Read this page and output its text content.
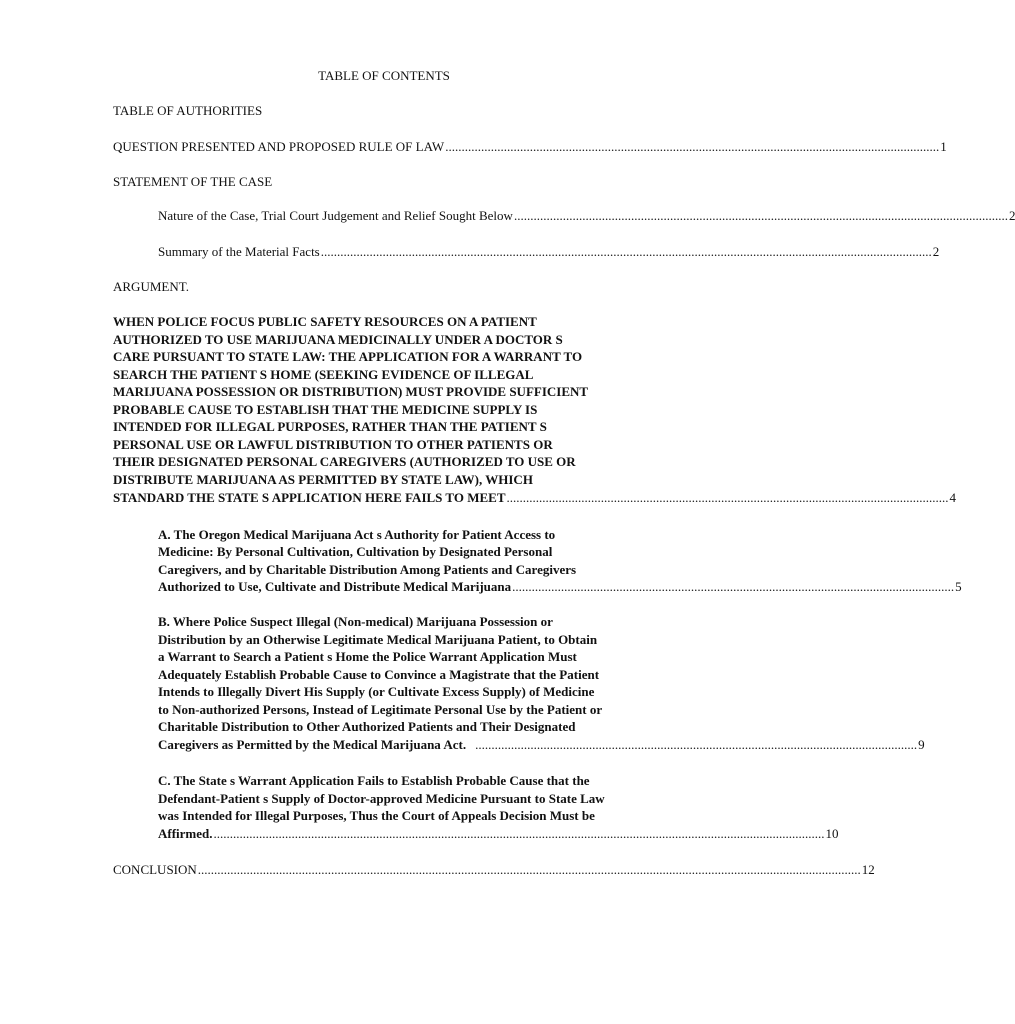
TABLE OF CONTENTS
TABLE OF AUTHORITIES
QUESTION PRESENTED AND PROPOSED RULE OF LAW ........................................................................................................................................................ 1
STATEMENT OF THE CASE
Nature of the Case, Trial Court Judgement and Relief Sought Below ........................................................................................................................................................ 2
Summary of the Material Facts ............................................................................................................................................................................................ 2
ARGUMENT.
WHEN POLICE FOCUS PUBLIC SAFETY RESOURCES ON A PATIENT
AUTHORIZED TO USE MARIJUANA MEDICINALLY UNDER A DOCTOR S
CARE PURSUANT TO STATE LAW: THE APPLICATION FOR A WARRANT TO
SEARCH THE PATIENT S HOME (SEEKING EVIDENCE OF ILLEGAL
MARIJUANA POSSESSION OR DISTRIBUTION) MUST PROVIDE SUFFICIENT
PROBABLE CAUSE TO ESTABLISH THAT THE MEDICINE SUPPLY IS
INTENDED FOR ILLEGAL PURPOSES, RATHER THAN THE PATIENT S
PERSONAL USE OR LAWFUL DISTRIBUTION TO OTHER PATIENTS OR
THEIR DESIGNATED PERSONAL CAREGIVERS (AUTHORIZED TO USE OR
DISTRIBUTE MARIJUANA AS PERMITTED BY STATE LAW), WHICH
STANDARD THE STATE S APPLICATION HERE FAILS TO MEET ........................................................................................................................................ 4
A. The Oregon Medical Marijuana Act s Authority for Patient Access to
Medicine: By Personal Cultivation, Cultivation by Designated Personal
Caregivers, and by Charitable Distribution Among Patients and Caregivers
Authorized to Use, Cultivate and Distribute Medical Marijuana ........................................................................................................................................ 5
B. Where Police Suspect Illegal (Non-medical) Marijuana Possession or
Distribution by an Otherwise Legitimate Medical Marijuana Patient, to Obtain
a Warrant to Search a Patient s Home the Police Warrant Application Must
Adequately Establish Probable Cause to Convince a Magistrate that the Patient
Intends to Illegally Divert His Supply (or Cultivate Excess Supply) of Medicine
to Non-authorized Persons, Instead of Legitimate Personal Use by the Patient or
Charitable Distribution to Other Authorized Patients and Their Designated
Caregivers as Permitted by the Medical Marijuana Act. ........................................................................................................................................ 9
C. The State s Warrant Application Fails to Establish Probable Cause that the
Defendant-Patient s Supply of Doctor-approved Medicine Pursuant to State Law
was Intended for Illegal Purposes, Thus the Court of Appeals Decision Must be
Affirmed. ............................................................................................................................................................................................ 10
CONCLUSION ............................................................................................................................................................................................................ 12
